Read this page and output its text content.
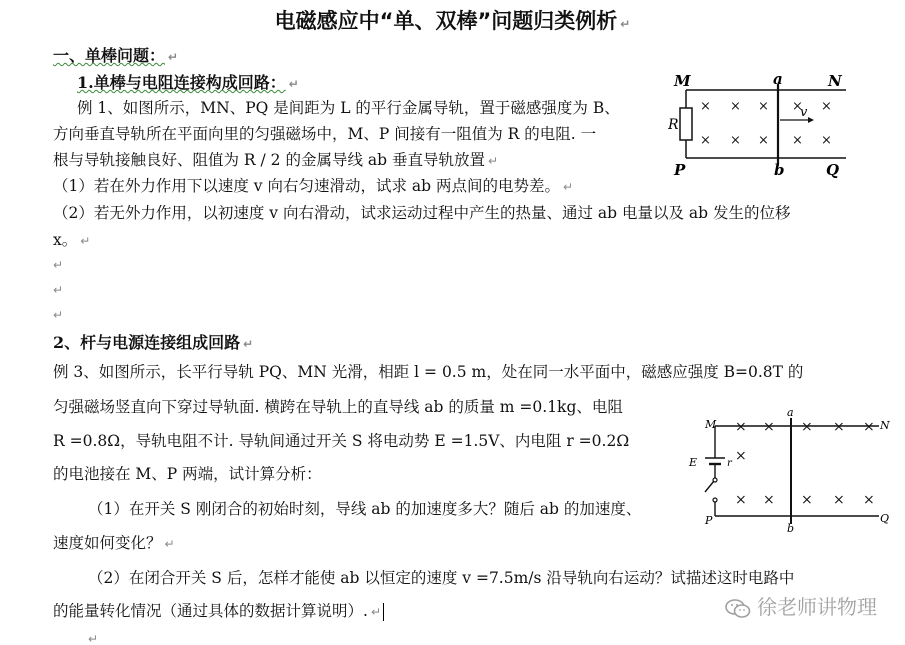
电磁感应中“单、双棒”问题归类例析 ↵
一、单棒问题： ↵
1.单棒与电阻连接构成回路： ↵
例 1、如图所示，MN、PQ 是间距为 L 的平行金属导轨，置于磁感强度为 B、
方向垂直导轨所在平面向里的匀强磁场中，M、P 间接有一阻值为 R 的电阻. 一
根与导轨接触良好、阻值为 R / 2 的金属导线 ab 垂直导轨放置 ↵
（1）若在外力作用下以速度 v 向右匀速滑动，试求 ab 两点间的电势差。 ↵
（2）若无外力作用，以初速度 v 向右滑动，试求运动过程中产生的热量、通过 ab 电量以及 ab 发生的位移
x。 ↵
↵
↵
↵
× × × × ×
× × × × ×
v
M	a	N
R
P	b	Q
2、杆与电源连接组成回路 ↵
例 3、如图所示，长平行导轨 PQ、MN 光滑，相距 l = 0.5 m，处在同一水平面中，磁感应强度 B=0.8T 的
匀强磁场竖直向下穿过导轨面. 横跨在导轨上的直导线 ab 的质量 m =0.1kg、电阻
R =0.8Ω，导轨电阻不计. 导轨间通过开关 S 将电动势 E =1.5V、内电阻 r =0.2Ω
的电池接在 M、P 两端，试计算分析：
（1）在开关 S 刚闭合的初始时刻，导线 ab 的加速度多大？随后 ab 的加速度、
速度如何变化？ ↵
（2）在闭合开关 S 后，怎样才能使 ab 以恒定的速度 v =7.5m/s 沿导轨向右运动？试描述这时电路中
的能量转化情况（通过具体的数据计算说明）. ↵
↵
× × × × ×
×
× × × × ×
M
a
N
E	r
P
b
Q
徐老师讲物理
